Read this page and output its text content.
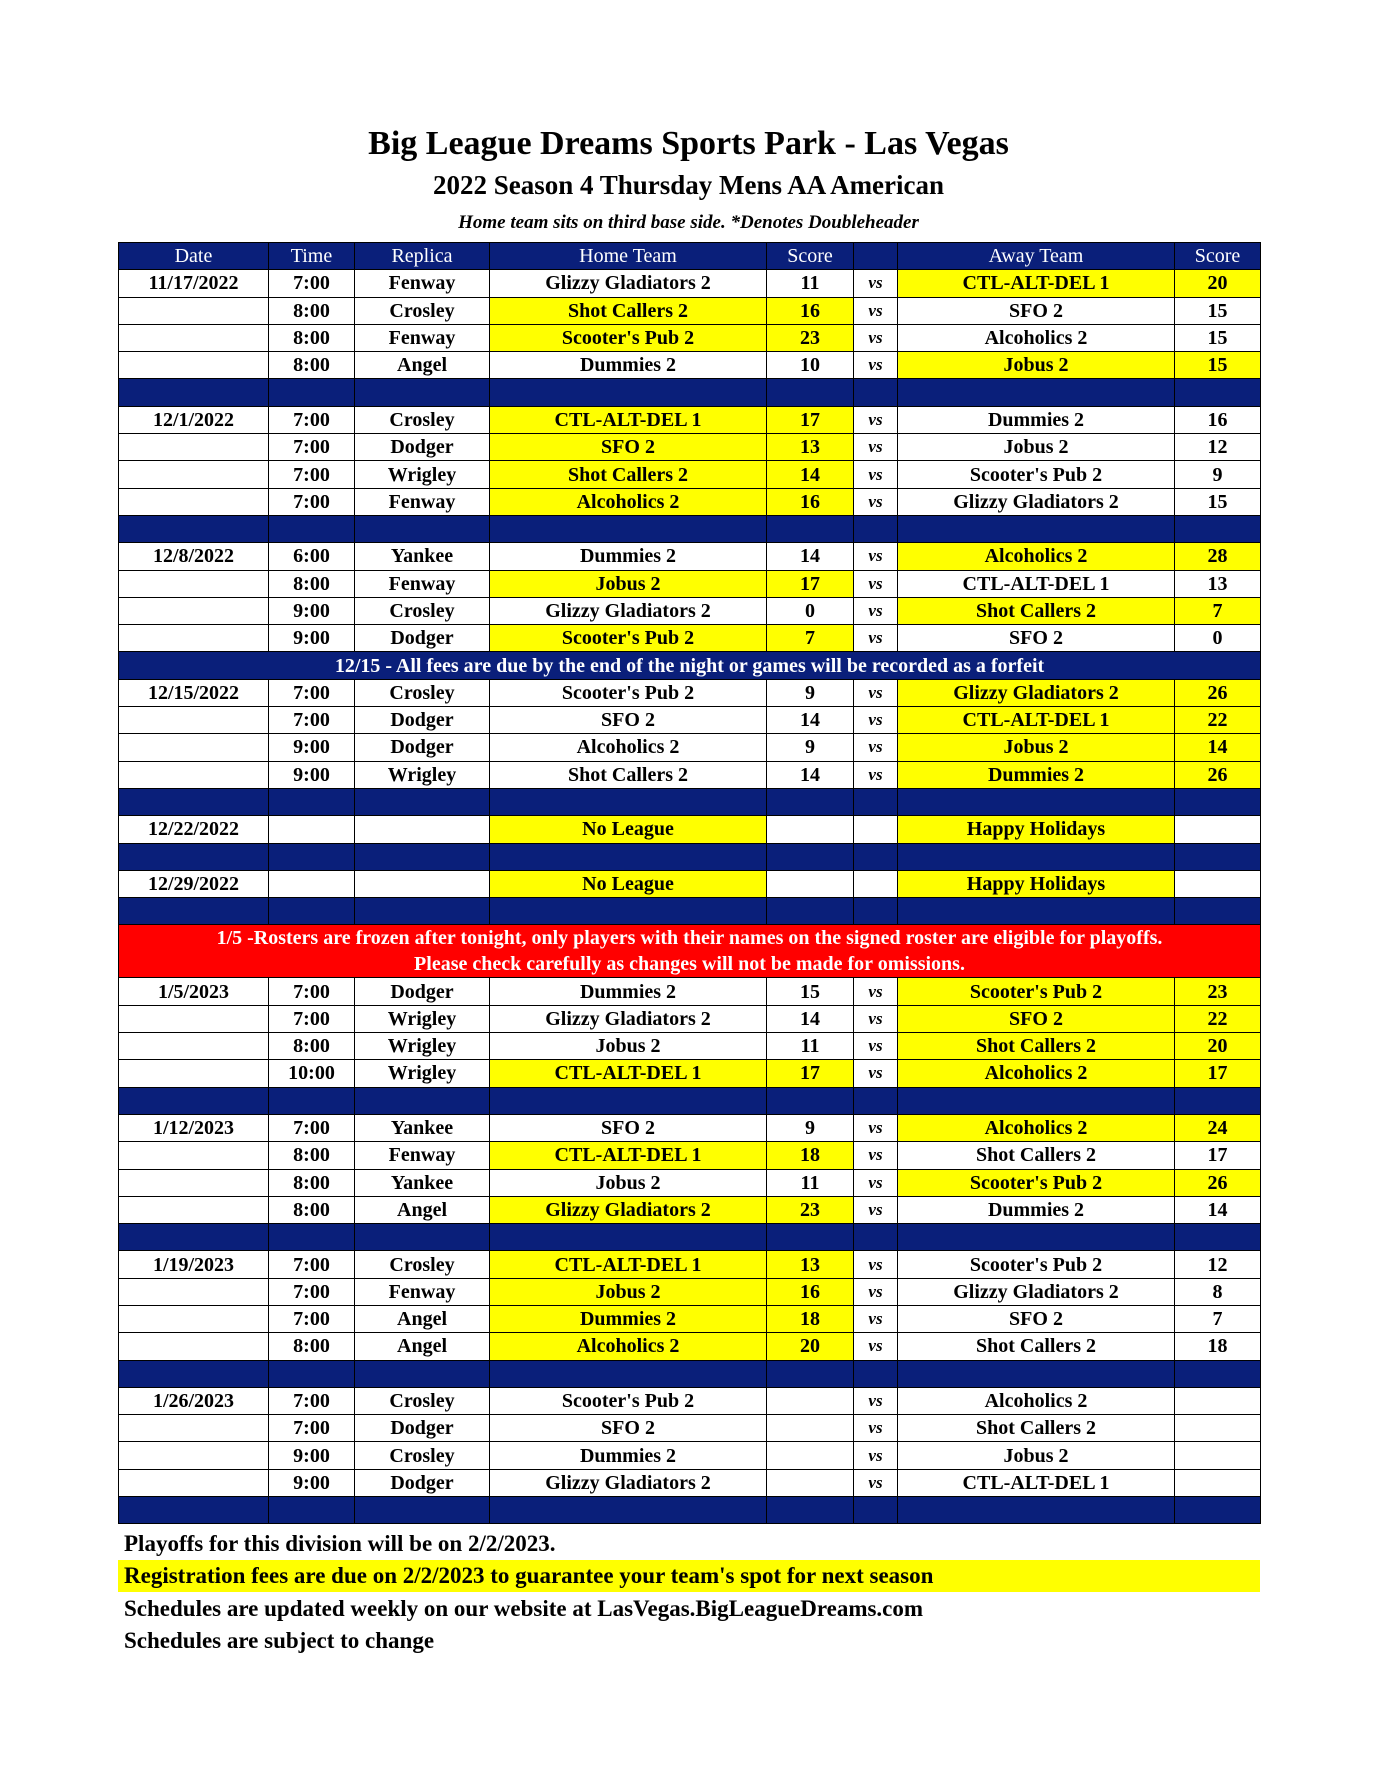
Big League Dreams Sports Park - Las Vegas
2022 Season 4 Thursday Mens AA American
Home team sits on third base side. *Denotes Doubleheader
Date	Time	Replica	Home Team	Score		Away Team	Score
11/17/2022	7:00	Fenway	Glizzy Gladiators 2	11	vs	CTL-ALT-DEL 1	20
	8:00	Crosley	Shot Callers 2	16	vs	SFO 2	15
	8:00	Fenway	Scooter's Pub 2	23	vs	Alcoholics 2	15
	8:00	Angel	Dummies 2	10	vs	Jobus 2	15

12/1/2022	7:00	Crosley	CTL-ALT-DEL 1	17	vs	Dummies 2	16
	7:00	Dodger	SFO 2	13	vs	Jobus 2	12
	7:00	Wrigley	Shot Callers 2	14	vs	Scooter's Pub 2	9
	7:00	Fenway	Alcoholics 2	16	vs	Glizzy Gladiators 2	15

12/8/2022	6:00	Yankee	Dummies 2	14	vs	Alcoholics 2	28
	8:00	Fenway	Jobus 2	17	vs	CTL-ALT-DEL 1	13
	9:00	Crosley	Glizzy Gladiators 2	0	vs	Shot Callers 2	7
	9:00	Dodger	Scooter's Pub 2	7	vs	SFO 2	0
12/15 - All fees are due by the end of the night or games will be recorded as a forfeit							
12/15/2022	7:00	Crosley	Scooter's Pub 2	9	vs	Glizzy Gladiators 2	26
	7:00	Dodger	SFO 2	14	vs	CTL-ALT-DEL 1	22
	9:00	Dodger	Alcoholics 2	9	vs	Jobus 2	14
	9:00	Wrigley	Shot Callers 2	14	vs	Dummies 2	26

12/22/2022			No League			Happy Holidays	

12/29/2022			No League			Happy Holidays	

1/5 -Rosters are frozen after tonight, only players with their names on the signed roster are eligible for playoffs.
Please check carefully as changes will not be made for omissions.							

1/5/2023	7:00	Dodger	Dummies 2	15	vs	Scooter's Pub 2	23
	7:00	Wrigley	Glizzy Gladiators 2	14	vs	SFO 2	22
	8:00	Wrigley	Jobus 2	11	vs	Shot Callers 2	20
	10:00	Wrigley	CTL-ALT-DEL 1	17	vs	Alcoholics 2	17

1/12/2023	7:00	Yankee	SFO 2	9	vs	Alcoholics 2	24
	8:00	Fenway	CTL-ALT-DEL 1	18	vs	Shot Callers 2	17
	8:00	Yankee	Jobus 2	11	vs	Scooter's Pub 2	26
	8:00	Angel	Glizzy Gladiators 2	23	vs	Dummies 2	14

1/19/2023	7:00	Crosley	CTL-ALT-DEL 1	13	vs	Scooter's Pub 2	12
	7:00	Fenway	Jobus 2	16	vs	Glizzy Gladiators 2	8
	7:00	Angel	Dummies 2	18	vs	SFO 2	7
	8:00	Angel	Alcoholics 2	20	vs	Shot Callers 2	18

1/26/2023	7:00	Crosley	Scooter's Pub 2		vs	Alcoholics 2	
	7:00	Dodger	SFO 2		vs	Shot Callers 2	
	9:00	Crosley	Dummies 2		vs	Jobus 2	
	9:00	Dodger	Glizzy Gladiators 2		vs	CTL-ALT-DEL 1	

Playoffs for this division will be on 2/2/2023.
Registration fees are due on 2/2/2023 to guarantee your team's spot for next season
Schedules are updated weekly on our website at LasVegas.BigLeagueDreams.com
Schedules are subject to change
